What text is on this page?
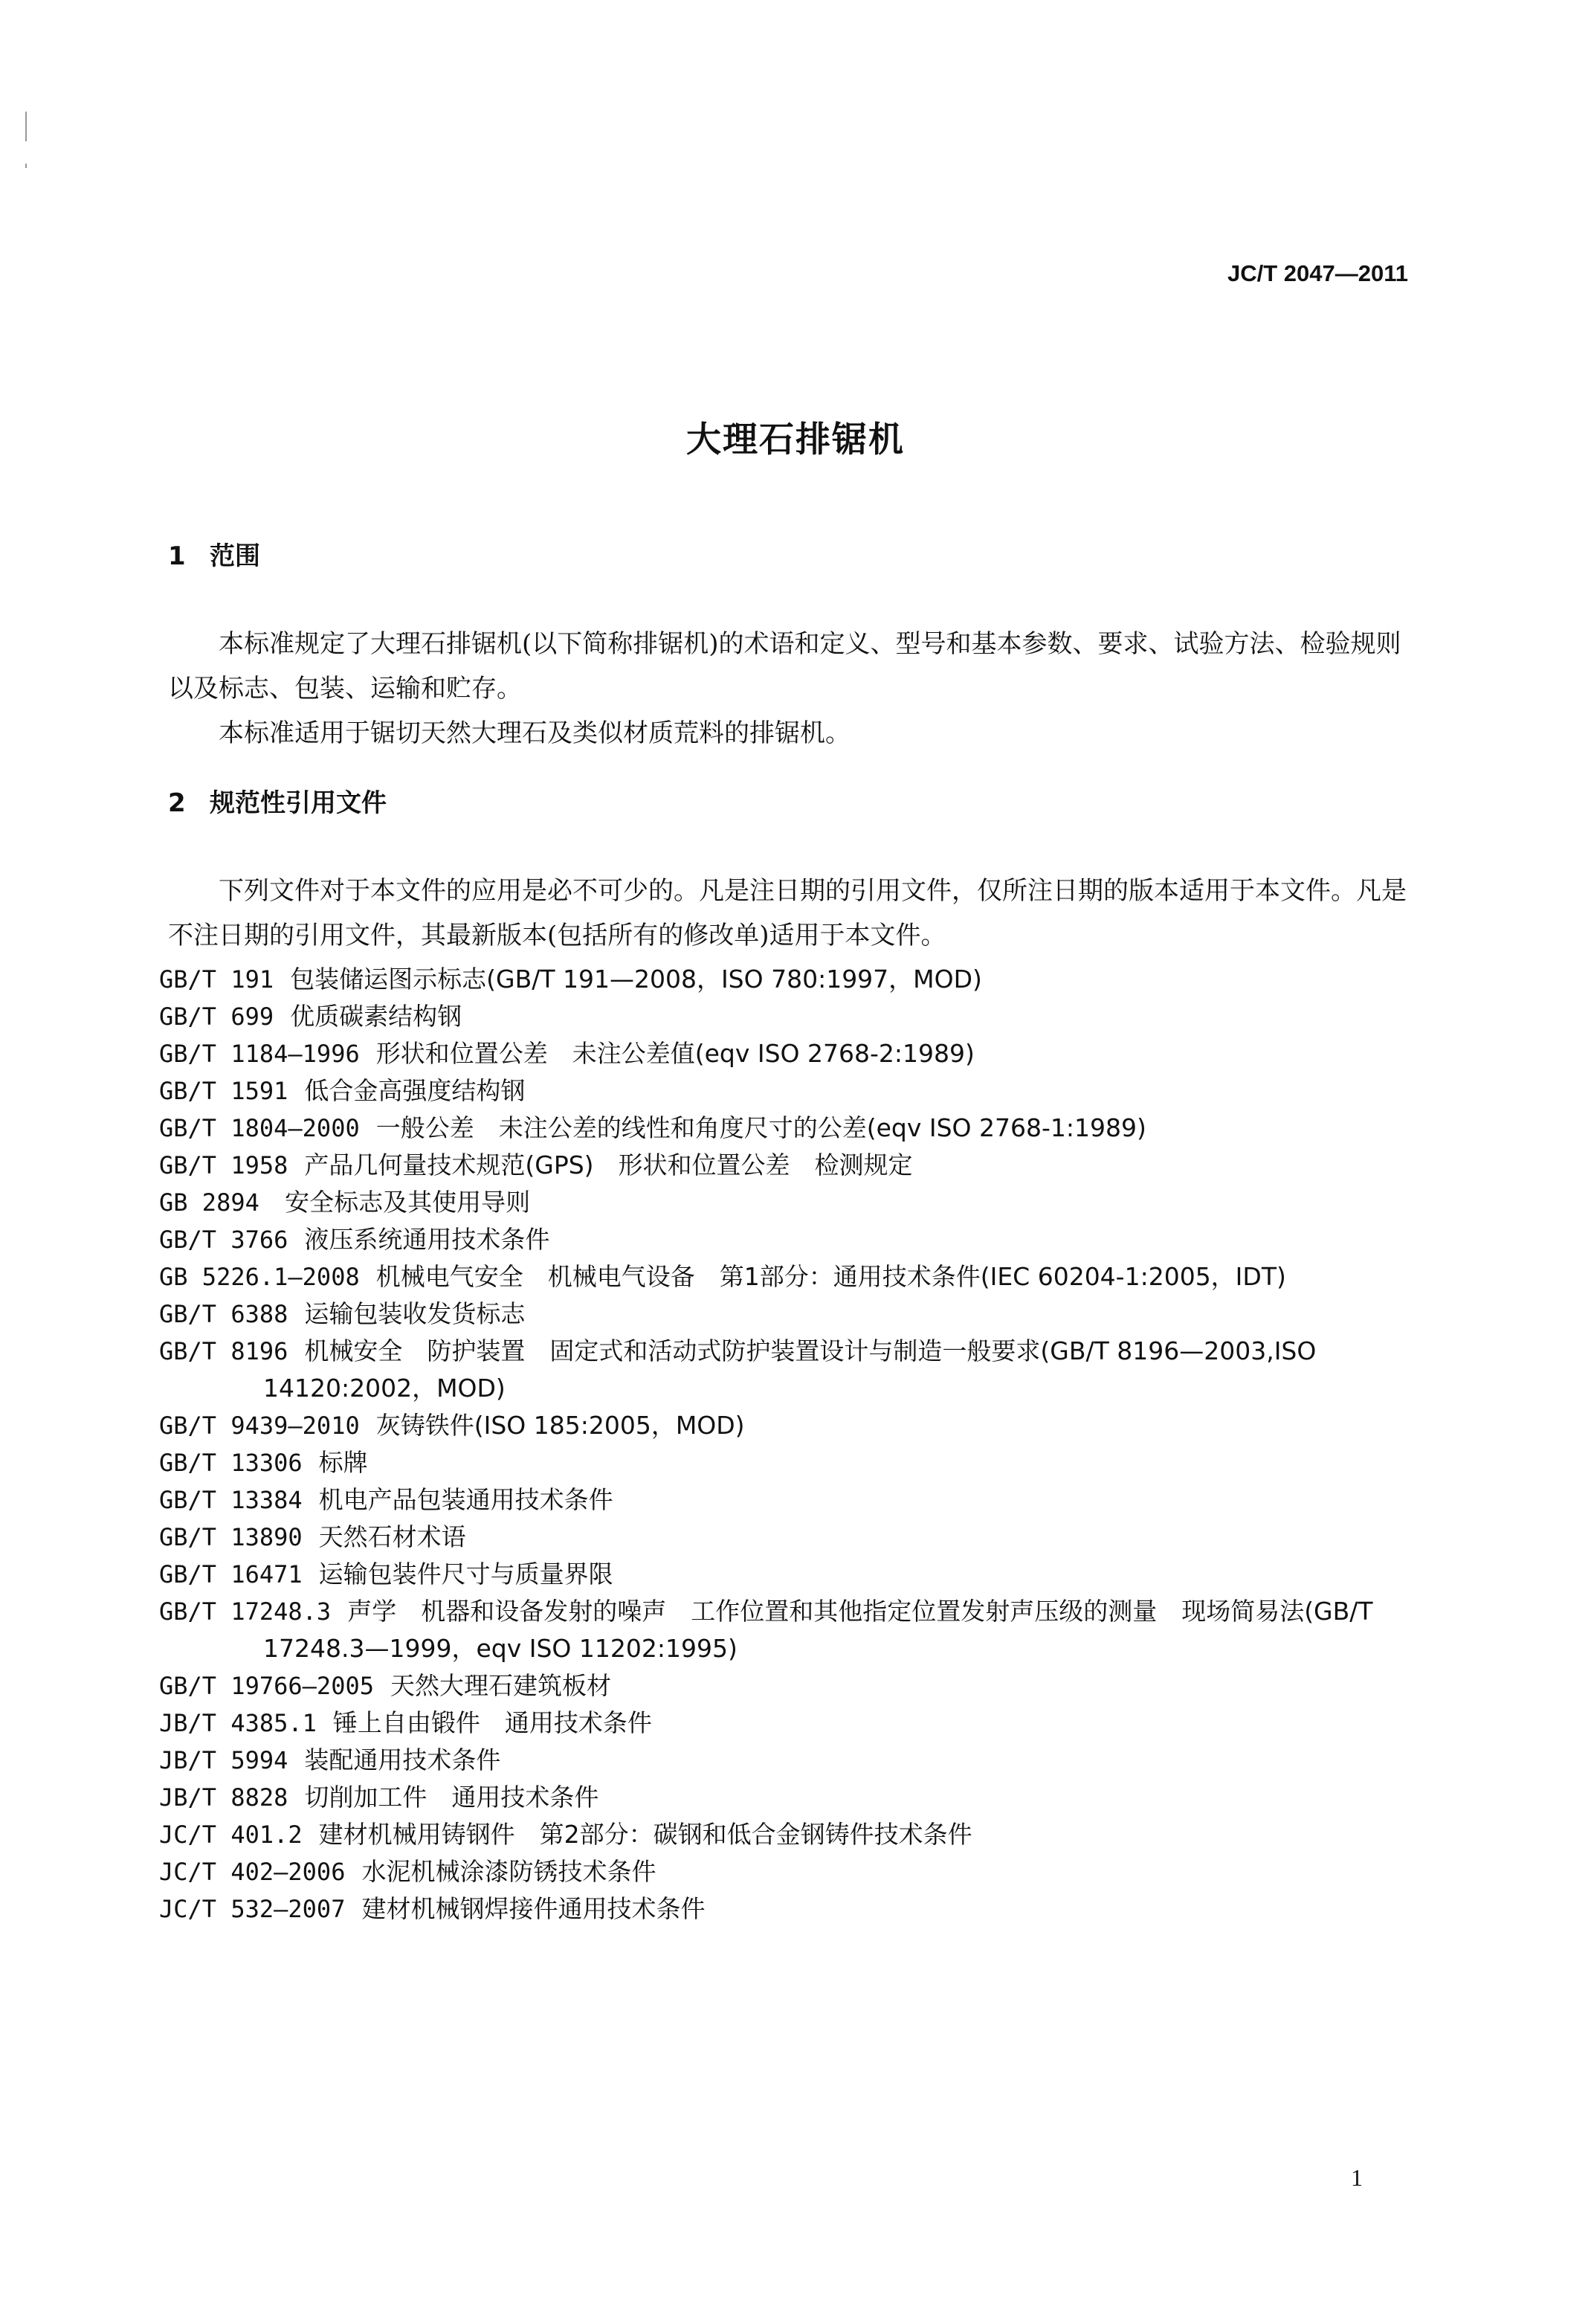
JC/T 2047—2011
大理石排锯机
1 范围

本标准规定了大理石排锯机(以下简称排锯机)的术语和定义、型号和基本参数、要求、试验方法、检验规则以及标志、包装、运输和贮存。

本标准适用于锯切天然大理石及类似材质荒料的排锯机。

2 规范性引用文件

下列文件对于本文件的应用是必不可少的。凡是注日期的引用文件，仅所注日期的版本适用于本文件。凡是不注日期的引用文件，其最新版本(包括所有的修改单)适用于本文件。

GB/T 191 包装储运图示标志(GB/T 191—2008，ISO 780:1997，MOD)
GB/T 699 优质碳素结构钢
GB/T 1184—1996 形状和位置公差　未注公差值(eqv ISO 2768-2:1989)
GB/T 1591 低合金高强度结构钢
GB/T 1804—2000 一般公差　未注公差的线性和角度尺寸的公差(eqv ISO 2768-1:1989)
GB/T 1958 产品几何量技术规范(GPS)　形状和位置公差　检测规定
GB 2894 安全标志及其使用导则
GB/T 3766 液压系统通用技术条件
GB 5226.1—2008 机械电气安全　机械电气设备　第1部分：通用技术条件(IEC 60204-1:2005，IDT)
GB/T 6388 运输包装收发货标志
GB/T 8196 机械安全　防护装置　固定式和活动式防护装置设计与制造一般要求(GB/T 8196—2003,ISO 14120:2002，MOD)
GB/T 9439—2010 灰铸铁件(ISO 185:2005，MOD)
GB/T 13306 标牌
GB/T 13384 机电产品包装通用技术条件
GB/T 13890 天然石材术语
GB/T 16471 运输包装件尺寸与质量界限
GB/T 17248.3 声学　机器和设备发射的噪声　工作位置和其他指定位置发射声压级的测量　现场简易法(GB/T 17248.3—1999，eqv ISO 11202:1995)
GB/T 19766—2005 天然大理石建筑板材
JB/T 4385.1 锤上自由锻件　通用技术条件
JB/T 5994 装配通用技术条件
JB/T 8828 切削加工件　通用技术条件
JC/T 401.2 建材机械用铸钢件　第2部分：碳钢和低合金钢铸件技术条件
JC/T 402—2006 水泥机械涂漆防锈技术条件
JC/T 532—2007 建材机械钢焊接件通用技术条件
1
